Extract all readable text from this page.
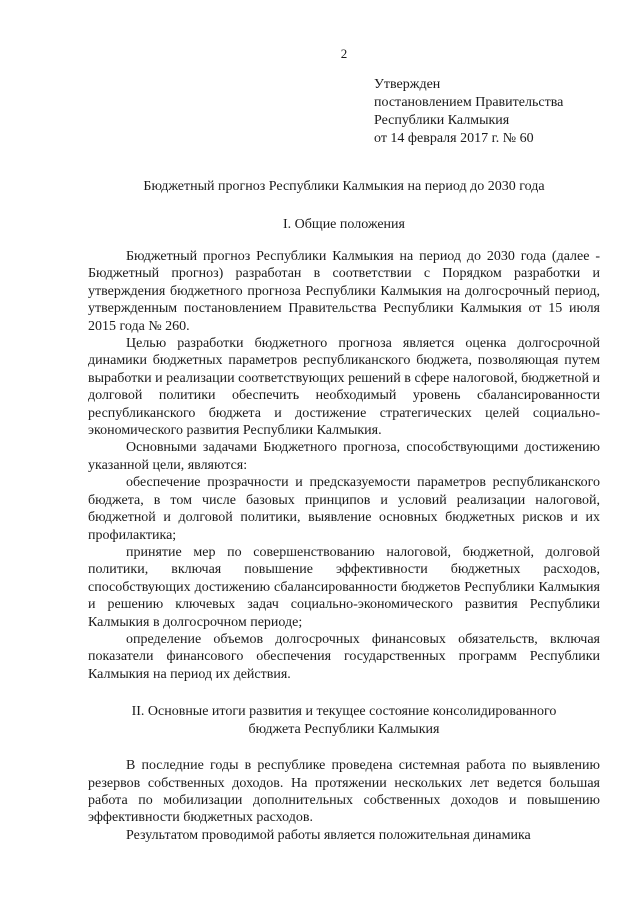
2
Утвержден
постановлением Правительства
Республики Калмыкия
от 14 февраля 2017 г. № 60
Бюджетный прогноз Республики Калмыкия на период до 2030 года
I. Общие положения

Бюджетный прогноз Республики Калмыкия на период до 2030 года (далее - Бюджетный прогноз) разработан в соответствии с Порядком разработки и утверждения бюджетного прогноза Республики Калмыкия на долгосрочный период, утвержденным постановлением Правительства Республики Калмыкия от 15 июля 2015 года № 260.

Целью разработки бюджетного прогноза является оценка долгосрочной динамики бюджетных параметров республиканского бюджета, позволяющая путем выработки и реализации соответствующих решений в сфере налоговой, бюджетной и долговой политики обеспечить необходимый уровень сбалансированности республиканского бюджета и достижение стратегических целей социально-экономического развития Республики Калмыкия.

Основными задачами Бюджетного прогноза, способствующими достижению указанной цели, являются:

обеспечение прозрачности и предсказуемости параметров республиканского бюджета, в том числе базовых принципов и условий реализации налоговой, бюджетной и долговой политики, выявление основных бюджетных рисков и их профилактика;

принятие мер по совершенствованию налоговой, бюджетной, долговой политики, включая повышение эффективности бюджетных расходов, способствующих достижению сбалансированности бюджетов Республики Калмыкия и решению ключевых задач социально-экономического развития Республики Калмыкия в долгосрочном периоде;

определение объемов долгосрочных финансовых обязательств, включая показатели финансового обеспечения государственных программ Республики Калмыкия на период их действия.

II. Основные итоги развития и текущее состояние консолидированного
бюджета Республики Калмыкия

В последние годы в республике проведена системная работа по выявлению резервов собственных доходов. На протяжении нескольких лет ведется большая работа по мобилизации дополнительных собственных доходов и повышению эффективности бюджетных расходов.

Результатом проводимой работы является положительная динамика
